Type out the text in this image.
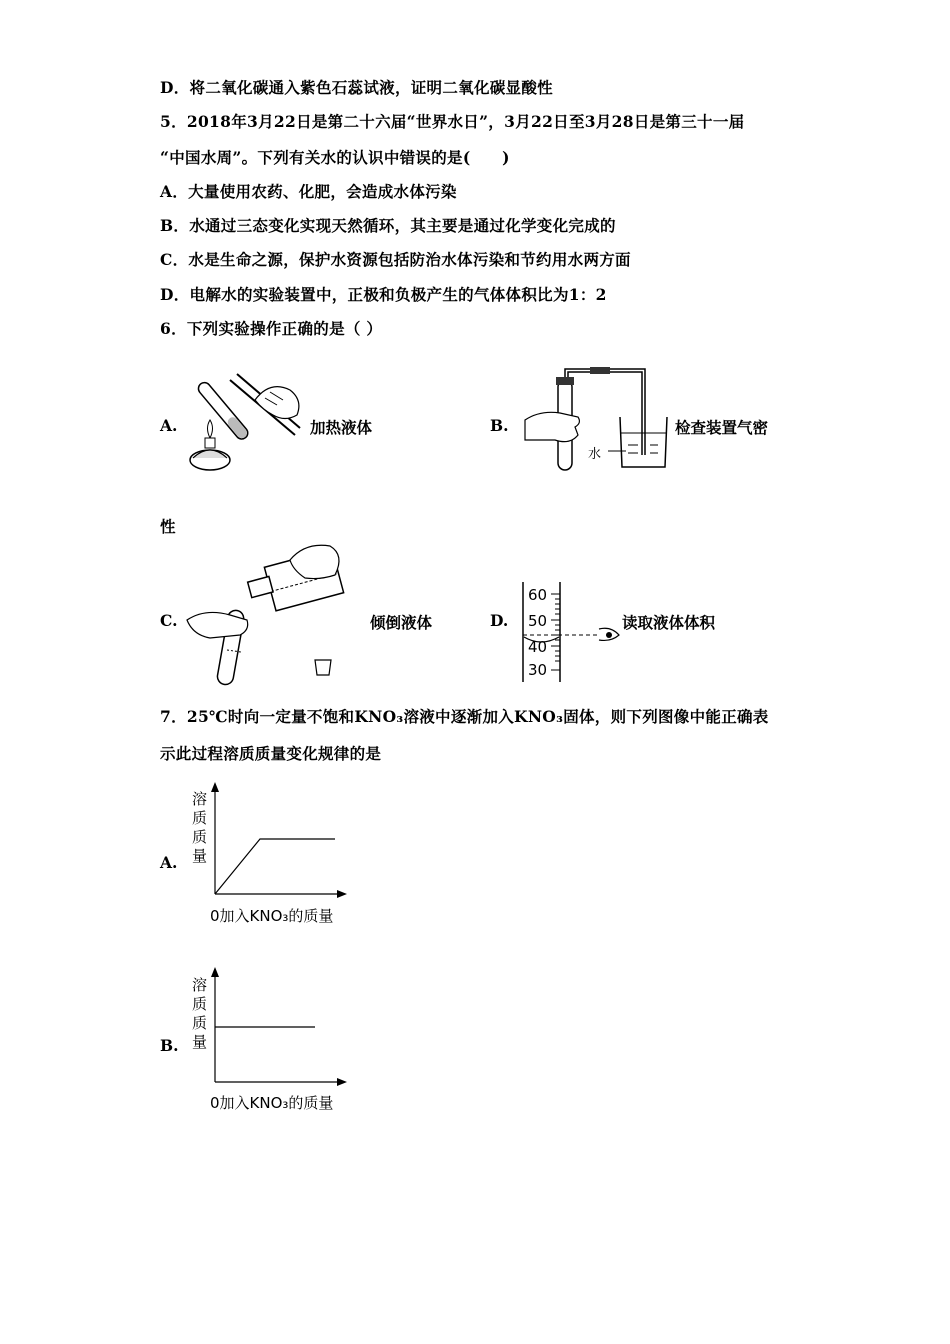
D．将二氧化碳通入紫色石蕊试液，证明二氧化碳显酸性
5．2018年3月22日是第二十六届“世界水日”，3月22日至3月28日是第三十一届
“中国水周”。下列有关水的认识中错误的是(　　)
A．大量使用农药、化肥，会造成水体污染
B．水通过三态变化实现天然循环，其主要是通过化学变化完成的
C．水是生命之源，保护水资源包括防治水体污染和节约用水两方面
D．电解水的实验装置中，正极和负极产生的气体体积比为1：2
6．下列实验操作正确的是（ ）
A.	加热液体	B.
水
检查装置气密
性
C.	倾倒液体	D.
60
50
40
30
读取液体体积
7．25℃时向一定量不饱和KNO₃溶液中逐渐加入KNO₃固体，则下列图像中能正确表
示此过程溶质质量变化规律的是
A.
溶
质
质
量
0加入KNO₃的质量
B.
溶
质
质
量
0加入KNO₃的质量
